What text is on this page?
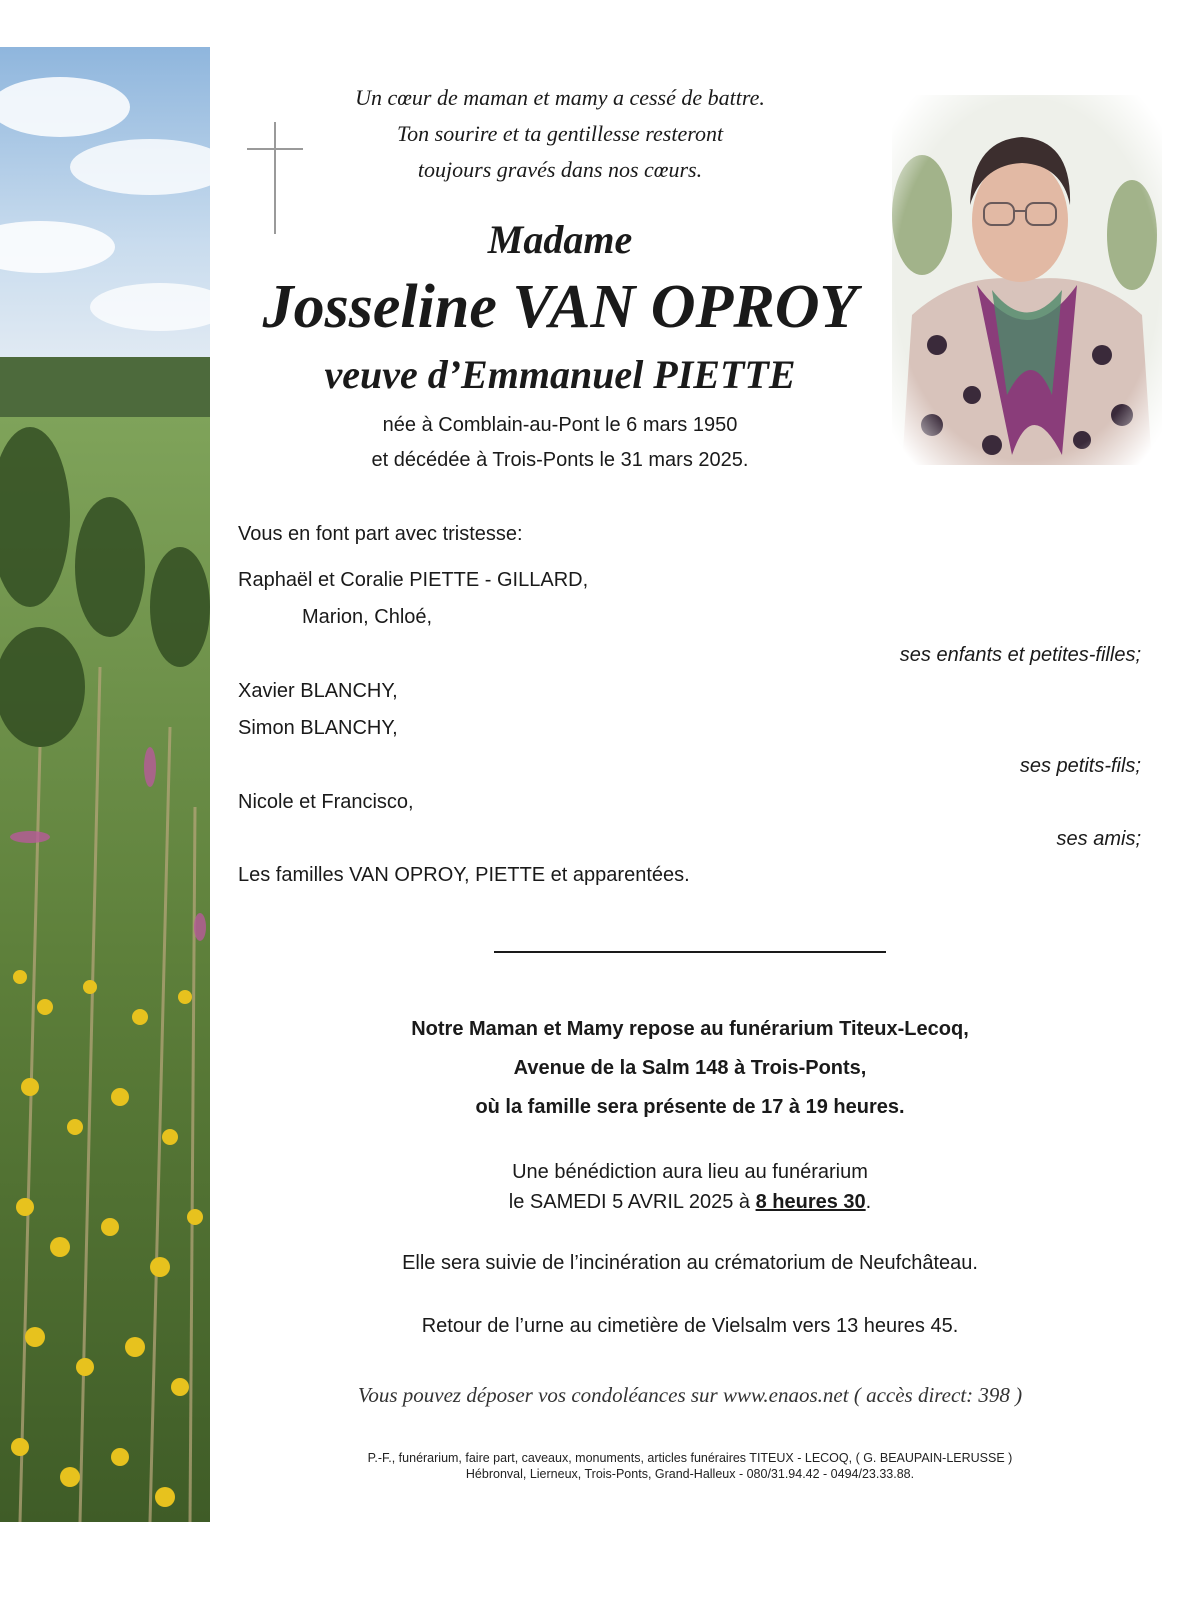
Un cœur de maman et mamy a cessé de battre.
Ton sourire et ta gentillesse resteront
toujours gravés dans nos cœurs.
Madame
Josseline VAN OPROY
veuve d’Emmanuel PIETTE
née à Comblain-au-Pont le 6 mars 1950
et décédée à Trois-Ponts le 31 mars 2025.
Vous en font part avec tristesse:
Raphaël et Coralie PIETTE - GILLARD,
Marion, Chloé,
ses enfants et petites-filles;
Xavier BLANCHY,
Simon BLANCHY,
ses petits-fils;
Nicole et Francisco,
ses amis;
Les familles VAN OPROY, PIETTE et apparentées.
Notre Maman et Mamy repose au funérarium Titeux-Lecoq,
Avenue de la Salm 148 à Trois-Ponts,
où la famille sera présente de 17 à 19 heures.
Une bénédiction aura lieu au funérarium
le SAMEDI 5 AVRIL 2025 à 8 heures 30.
Elle sera suivie de l’incinération au crématorium de Neufchâteau.
Retour de l’urne au cimetière de Vielsalm vers 13 heures 45.
Vous pouvez déposer vos condoléances sur www.enaos.net ( accès direct: 398 )
P.-F., funérarium, faire part, caveaux, monuments, articles funéraires TITEUX - LECOQ, ( G. BEAUPAIN-LERUSSE )
Hébronval, Lierneux, Trois-Ponts, Grand-Halleux - 080/31.94.42 - 0494/23.33.88.
